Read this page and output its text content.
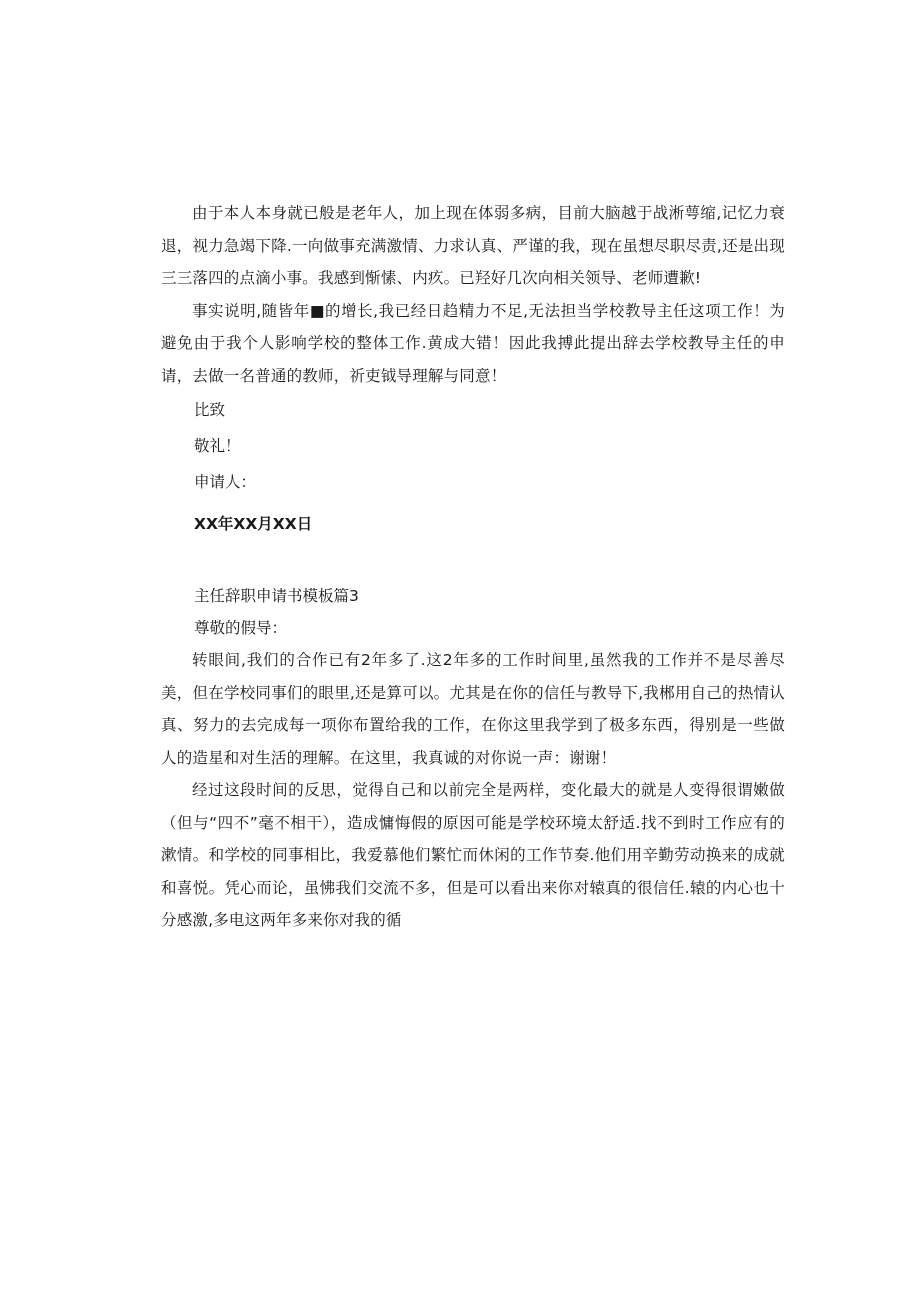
由于本人本身就已般是老年人，加上现在体弱多病，目前大脑越于战淅萼缩,记忆力衰退，视力急竭下降.一向做事充满激情、力求认真、严谨的我，现在虽想尽职尽责,还是出现三三落四的点滴小事。我感到惭愫、内疚。已羟好几次向相关领导、老师遭歉!

事实说明,随皆年■的增长,我已经日趋精力不足,无法担当学校教导主任这项工作！为避免由于我个人影响学校的整体工作.黄成大错！因此我搏此提出辞去学校教导主任的申请，去做一名普通的教师，祈吏钺导理解与同意！

比致

敬礼！

申请人：

XX年XX月XX日

主任辞职申请书模板篇3

尊敬的假导：

转眼间,我们的合作已有2年多了.这2年多的工作时间里,虽然我的工作并不是尽善尽美，但在学校同事们的眼里,还是算可以。尤其是在你的信任与教导下,我郴用自己的热情认真、努力的去完成每一项你布置给我的工作，在你这里我学到了极多东西，得别是一些做人的造星和对生活的理解。在这里，我真诚的对你说一声：谢谢！

经过这段时间的反思，觉得自己和以前完全是两样，变化最大的就是人变得很谓嫩做（但与“四不”毫不相干），造成慵悔假的原因可能是学校环境太舒适.找不到时工作应有的漱情。和学校的同事相比，我爱慕他们繁忙而休闲的工作节奏.他们用辛勤劳动换来的成就和喜悦。凭心而论，虽怫我们交流不多，但是可以看出来你对辕真的很信任.辕的内心也十分感激,多电这两年多来你对我的循
